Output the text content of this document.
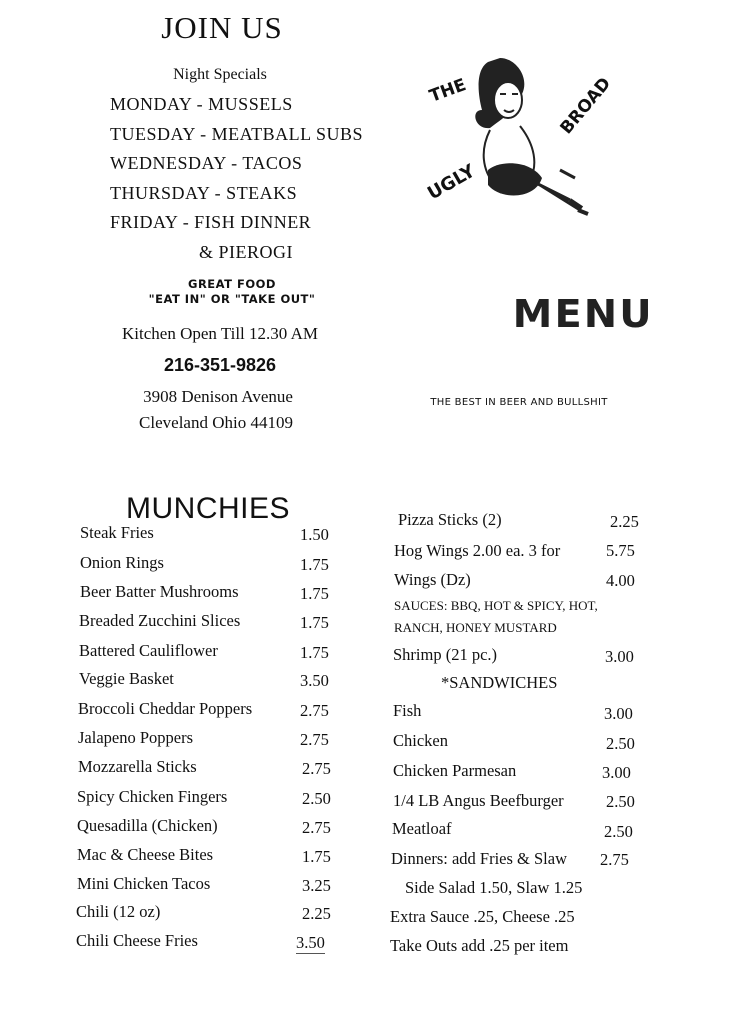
JOIN US
Night Specials
MONDAY - MUSSELS
TUESDAY - MEATBALL SUBS
WEDNESDAY - TACOS
THURSDAY - STEAKS
FRIDAY - FISH DINNER
& PIEROGI
GREAT FOOD
"EAT IN" OR "TAKE OUT"
Kitchen Open Till 12.30 AM
216-351-9826
3908 Denison Avenue
Cleveland Ohio 44109
THE
UGLY
BROAD
MENU
THE BEST IN BEER AND BULLSHIT
MUNCHIES
Steak Fries	1.50
Onion Rings	1.75
Beer Batter Mushrooms	1.75
Breaded Zucchini Slices	1.75
Battered Cauliflower	1.75
Veggie Basket	3.50
Broccoli Cheddar Poppers	2.75
Jalapeno Poppers	2.75
Mozzarella Sticks	2.75
Spicy Chicken Fingers	2.50
Quesadilla (Chicken)	2.75
Mac & Cheese Bites	1.75
Mini Chicken Tacos	3.25
Chili (12 oz)	2.25
Chili Cheese Fries	3.50
Pizza Sticks (2)	2.25
Hog Wings 2.00 ea. 3 for	5.75
Wings (Dz)	4.00
SAUCES: BBQ, HOT & SPICY, HOT,
RANCH, HONEY MUSTARD
Shrimp (21 pc.)	3.00
*SANDWICHES
Fish	3.00
Chicken	2.50
Chicken Parmesan	3.00
1/4 LB Angus Beefburger	2.50
Meatloaf	2.50
Dinners: add Fries & Slaw 2.75
Side Salad 1.50, Slaw 1.25
Extra Sauce .25, Cheese .25
Take Outs add .25 per item
